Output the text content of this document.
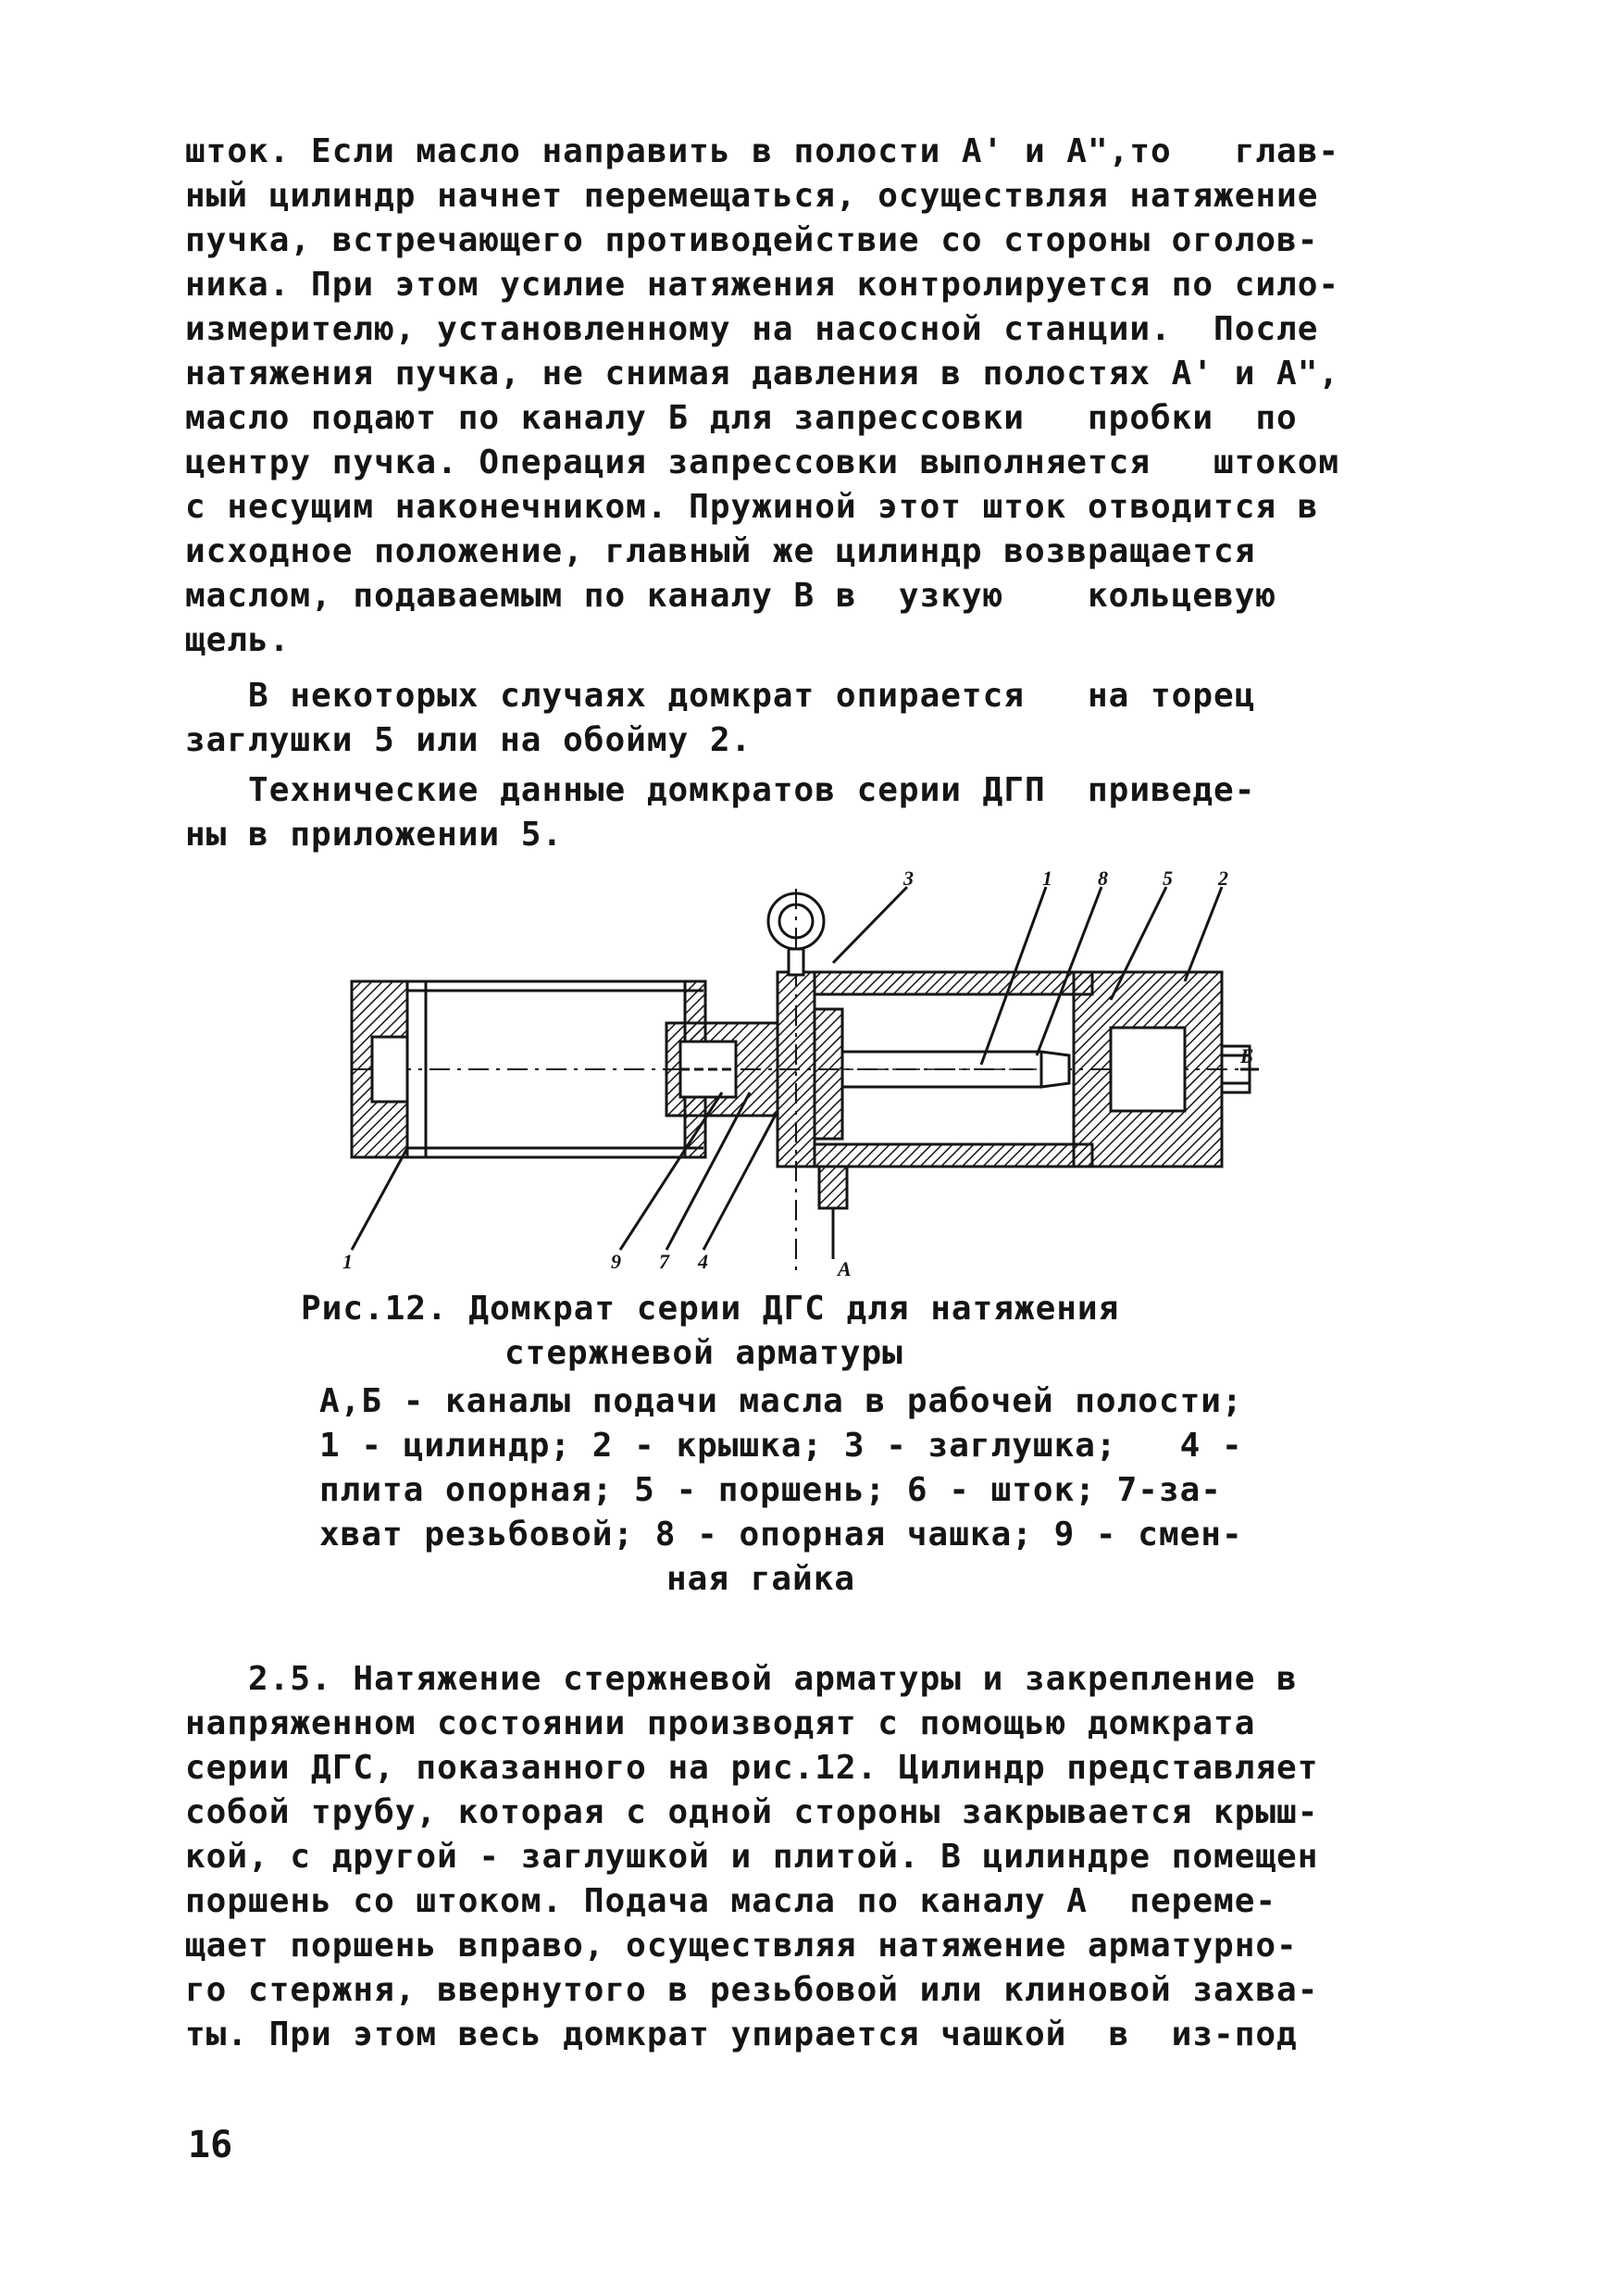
шток. Если масло направить в полости А' и А",то   глав-
ный цилиндр начнет перемещаться, осуществляя натяжение
пучка, встречающего противодействие со стороны оголов-
ника. При этом усилие натяжения контролируется по сило-
измерителю, установленному на насосной станции.  После
натяжения пучка, не снимая давления в полостях А' и А",
масло подают по каналу Б для запрессовки   пробки  по
центру пучка. Операция запрессовки выполняется   штоком
с несущим наконечником. Пружиной этот шток отводится в
исходное положение, главный же цилиндр возвращается
маслом, подаваемым по каналу В в  узкую    кольцевую
щель.
В некоторых случаях домкрат опирается   на торец
заглушки 5 или на обойму 2.
Технические данные домкратов серии ДГП  приведе-
ны в приложении 5.
3	1 8	5 2
1	9 7 4	А
Б
Рис.12. Домкрат серии ДГС для натяжения
стержневой арматуры
А,Б - каналы подачи масла в рабочей полости;
1 - цилиндр; 2 - крышка; 3 - заглушка;   4 -
плита опорная; 5 - поршень; 6 - шток; 7-за-
хват резьбовой; 8 - опорная чашка; 9 - смен-
ная гайка
2.5. Натяжение стержневой арматуры и закрепление в
напряженном состоянии производят с помощью домкрата
серии ДГС, показанного на рис.12. Цилиндр представляет
собой трубу, которая с одной стороны закрывается крыш-
кой, с другой - заглушкой и плитой. В цилиндре помещен
поршень со штоком. Подача масла по каналу А  переме-
щает поршень вправо, осуществляя натяжение арматурно-
го стержня, ввернутого в резьбовой или клиновой захва-
ты. При этом весь домкрат упирается чашкой  в  из-под
16
